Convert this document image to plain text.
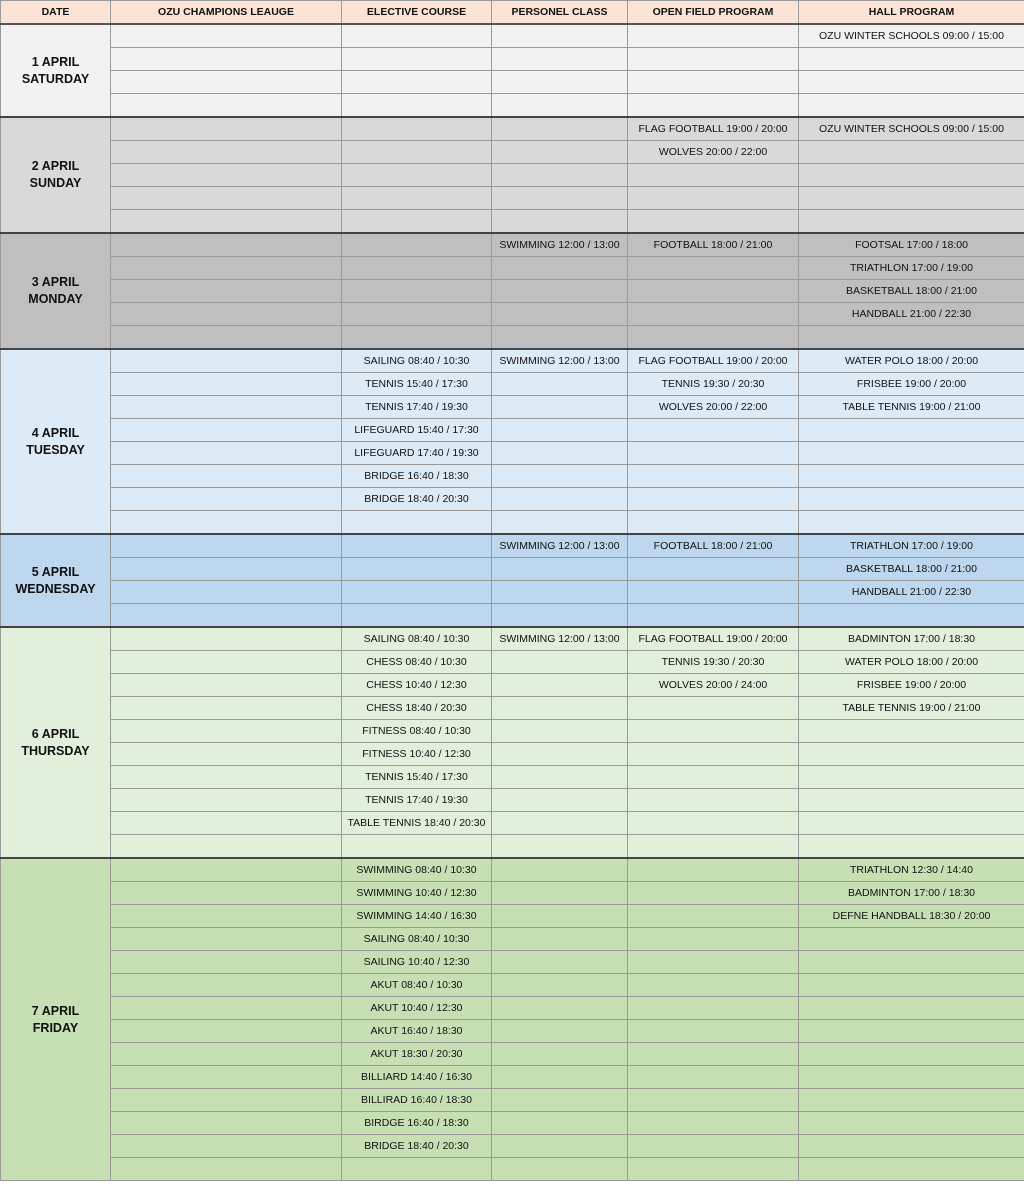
DATE	OZU CHAMPIONS LEAUGE	ELECTIVE COURSE	PERSONEL CLASS	OPEN FIELD PROGRAM	HALL PROGRAM

1 APRIL
SATURDAY					OZU WINTER SCHOOLS 09:00 / 15:00

2 APRIL
SUNDAY				FLAG FOOTBALL 19:00 / 20:00	OZU WINTER SCHOOLS 09:00 / 15:00
				WOLVES 20:00 / 22:00	

3 APRIL
MONDAY			SWIMMING 12:00 / 13:00	FOOTBALL 18:00 / 21:00	FOOTSAL 17:00 / 18:00
					TRIATHLON 17:00 / 19:00
					BASKETBALL 18:00 / 21:00
					HANDBALL 21:00 / 22:30

4 APRIL
TUESDAY		SAILING 08:40 / 10:30	SWIMMING 12:00 / 13:00	FLAG FOOTBALL 19:00 / 20:00	WATER POLO 18:00 / 20:00
		TENNIS 15:40 / 17:30		TENNIS 19:30 / 20:30	FRISBEE 19:00 / 20:00
		TENNIS 17:40 / 19:30		WOLVES 20:00 / 22:00	TABLE TENNIS 19:00 / 21:00
		LIFEGUARD 15:40 / 17:30			
		LIFEGUARD 17:40 / 19:30			
		BRIDGE 16:40 / 18:30			
		BRIDGE 18:40 / 20:30			

5 APRIL
WEDNESDAY			SWIMMING 12:00 / 13:00	FOOTBALL 18:00 / 21:00	TRIATHLON 17:00 / 19:00
					BASKETBALL 18:00 / 21:00
					HANDBALL 21:00 / 22:30

6 APRIL
THURSDAY		SAILING 08:40 / 10:30	SWIMMING 12:00 / 13:00	FLAG FOOTBALL 19:00 / 20:00	BADMINTON 17:00 / 18:30
		CHESS 08:40 / 10:30		TENNIS 19:30 / 20:30	WATER POLO 18:00 / 20:00
		CHESS 10:40 / 12:30		WOLVES 20:00 / 24:00	FRISBEE 19:00 / 20:00
		CHESS 18:40 / 20:30			TABLE TENNIS 19:00 / 21:00
		FITNESS 08:40 / 10:30			
		FITNESS 10:40 / 12:30			
		TENNIS 15:40 / 17:30			
		TENNIS 17:40 / 19:30			
		TABLE TENNIS 18:40 / 20:30			

7 APRIL
FRIDAY		SWIMMING 08:40 / 10:30			TRIATHLON 12:30 / 14:40
		SWIMMING 10:40 / 12:30			BADMINTON 17:00 / 18:30
		SWIMMING 14:40 / 16:30			DEFNE HANDBALL 18:30 / 20:00
		SAILING 08:40 / 10:30			
		SAILING 10:40 / 12:30			
		AKUT 08:40 / 10:30			
		AKUT 10:40 / 12:30			
		AKUT 16:40 / 18:30			
		AKUT 18:30 / 20:30			
		BILLIARD 14:40 / 16:30			
		BILLIRAD 16:40 / 18:30			
		BIRDGE 16:40 / 18:30			
		BRIDGE 18:40 / 20:30			
